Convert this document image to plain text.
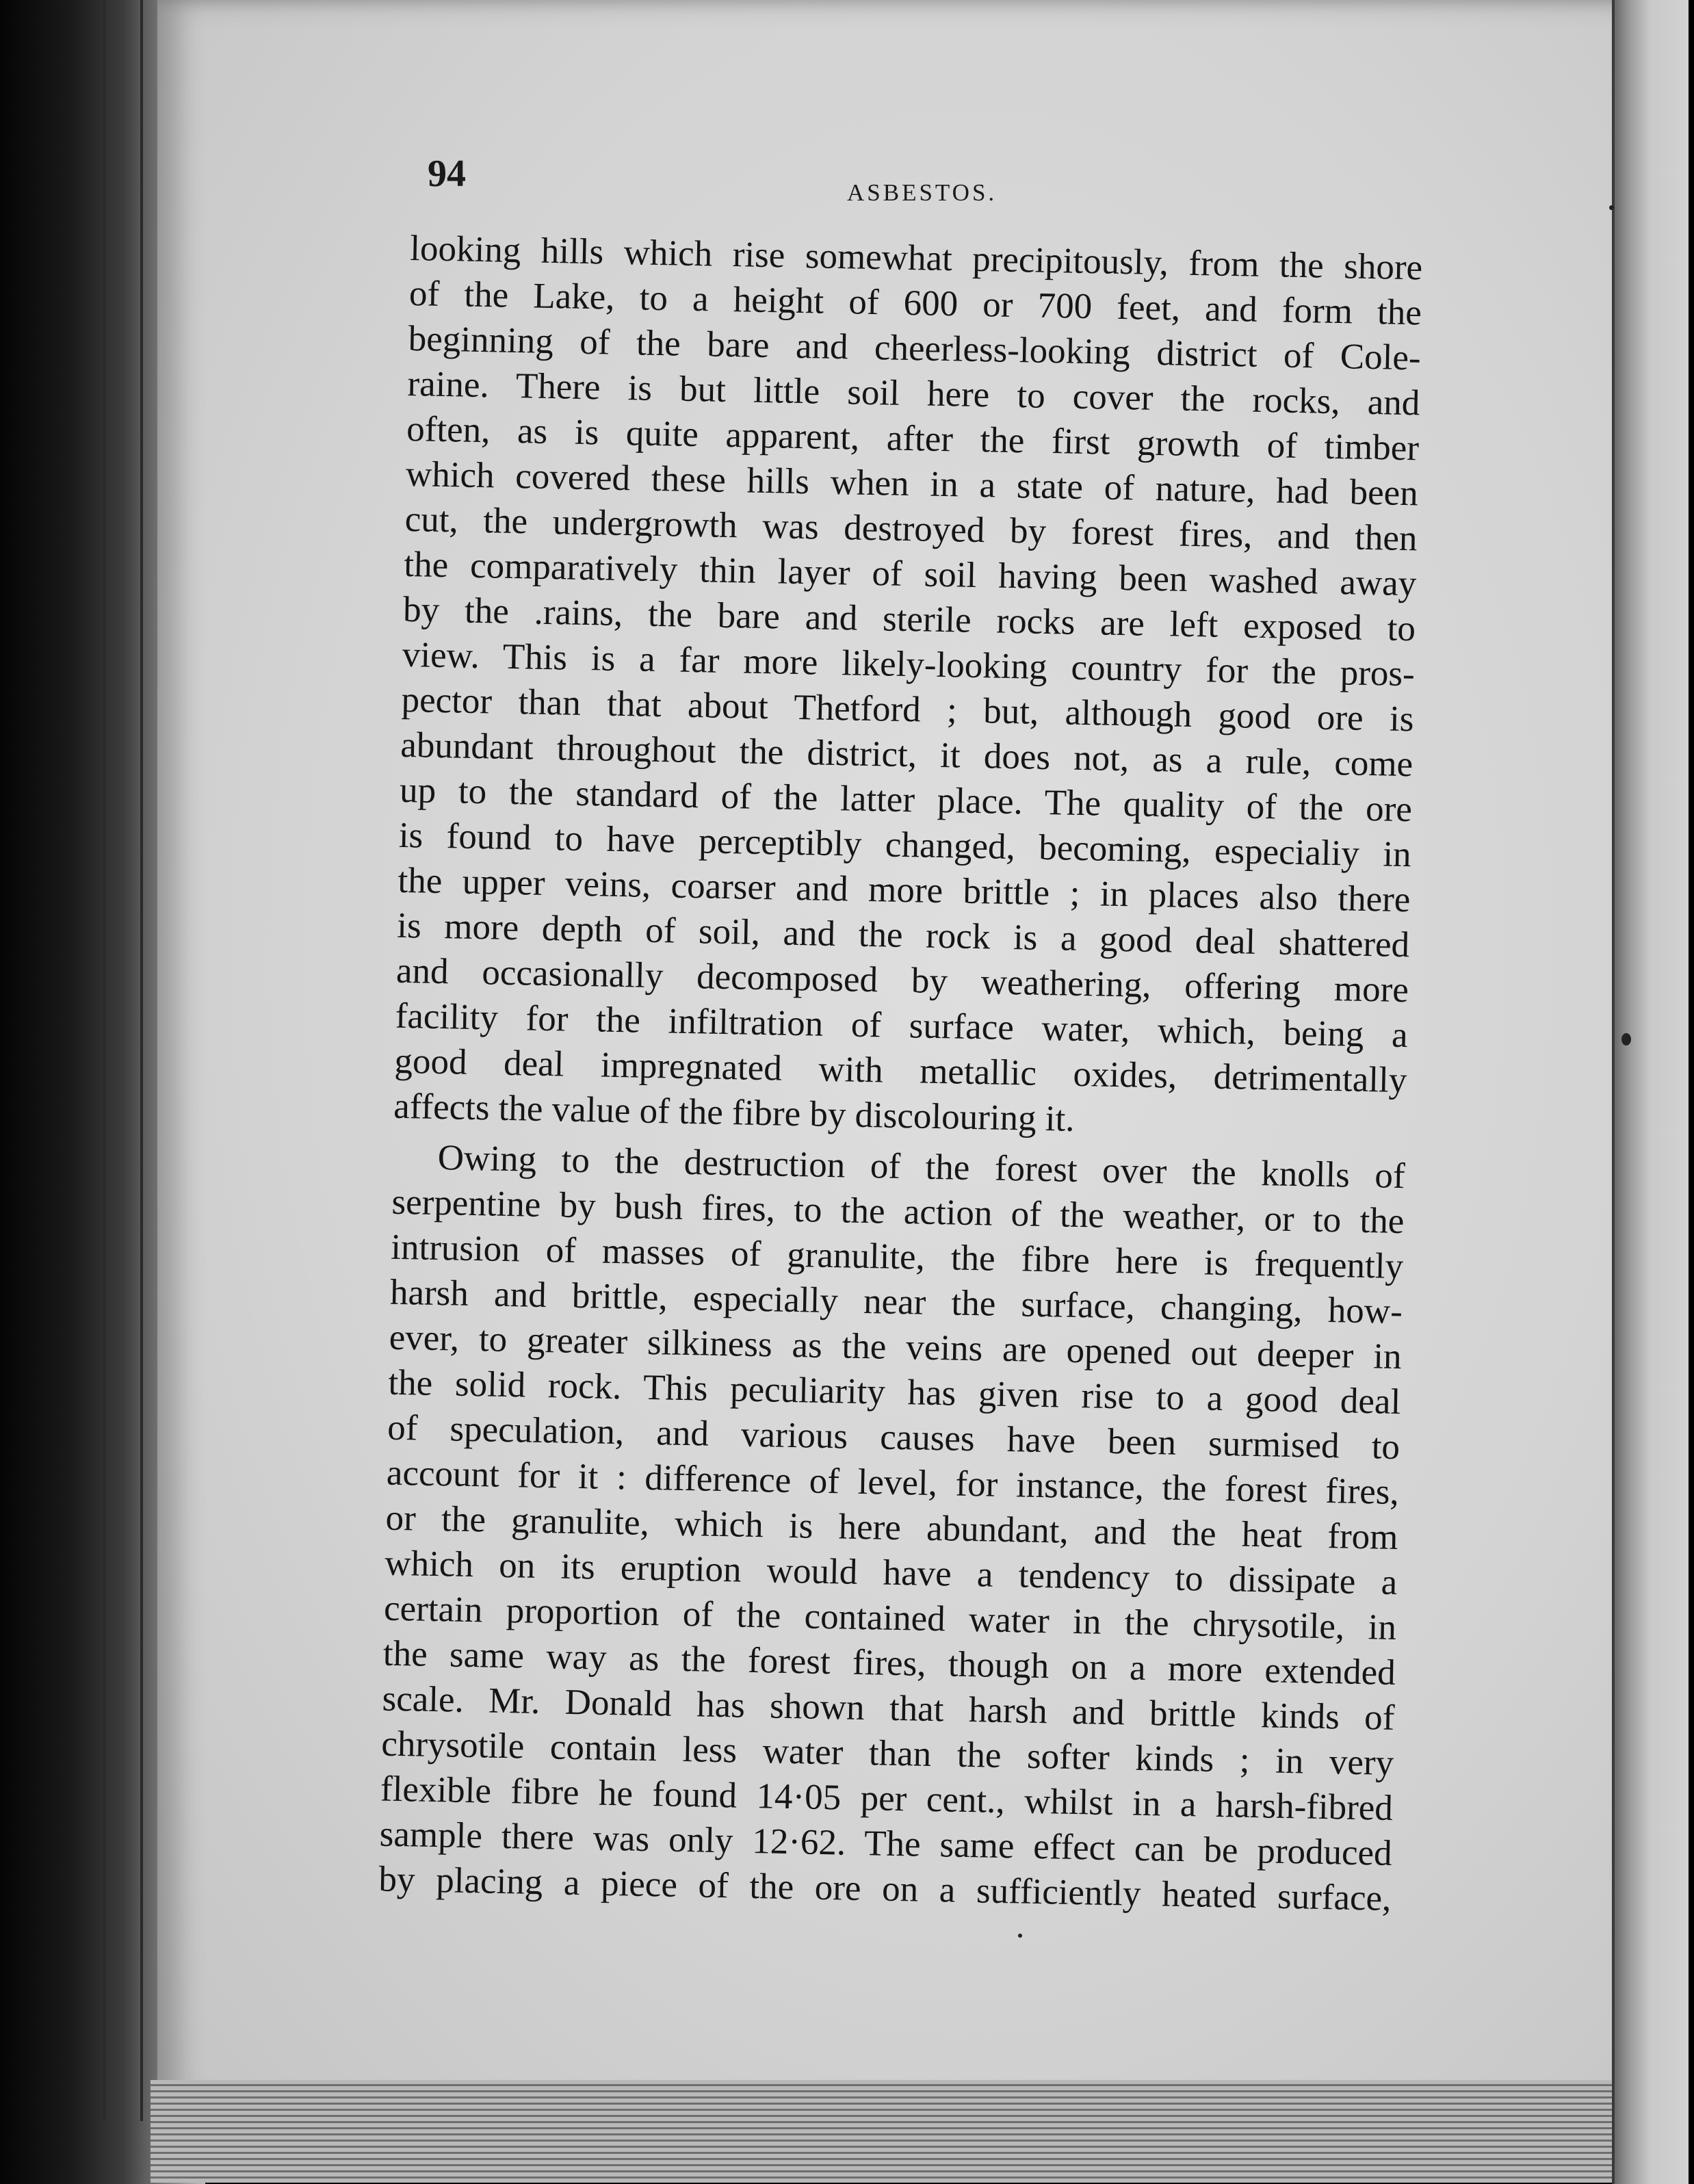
94	ASBESTOS.
looking hills which rise somewhat precipitously, from the shore
of the Lake, to a height of 600 or 700 feet, and form the
beginning of the bare and cheerless-looking district of Cole-
raine. There is but little soil here to cover the rocks, and
often, as is quite apparent, after the first growth of timber
which covered these hills when in a state of nature, had been
cut, the undergrowth was destroyed by forest fires, and then
the comparatively thin layer of soil having been washed away
by the .rains, the bare and sterile rocks are left exposed to
view. This is a far more likely-looking country for the pros-
pector than that about Thetford ; but, although good ore is
abundant throughout the district, it does not, as a rule, come
up to the standard of the latter place. The quality of the ore
is found to have perceptibly changed, becoming, especialiy in
the upper veins, coarser and more brittle ; in places also there
is more depth of soil, and the rock is a good deal shattered
and occasionally decomposed by weathering, offering more
facility for the infiltration of surface water, which, being a
good deal impregnated with metallic oxides, detrimentally
affects the value of the fibre by discolouring it.
Owing to the destruction of the forest over the knolls of
serpentine by bush fires, to the action of the weather, or to the
intrusion of masses of granulite, the fibre here is frequently
harsh and brittle, especially near the surface, changing, how-
ever, to greater silkiness as the veins are opened out deeper in
the solid rock. This peculiarity has given rise to a good deal
of speculation, and various causes have been surmised to
account for it : difference of level, for instance, the forest fires,
or the granulite, which is here abundant, and the heat from
which on its eruption would have a tendency to dissipate a
certain proportion of the contained water in the chrysotile, in
the same way as the forest fires, though on a more extended
scale. Mr. Donald has shown that harsh and brittle kinds of
chrysotile contain less water than the softer kinds ; in very
flexible fibre he found 14·05 per cent., whilst in a harsh-fibred
sample there was only 12·62. The same effect can be produced
by placing a piece of the ore on a sufficiently heated surface,
